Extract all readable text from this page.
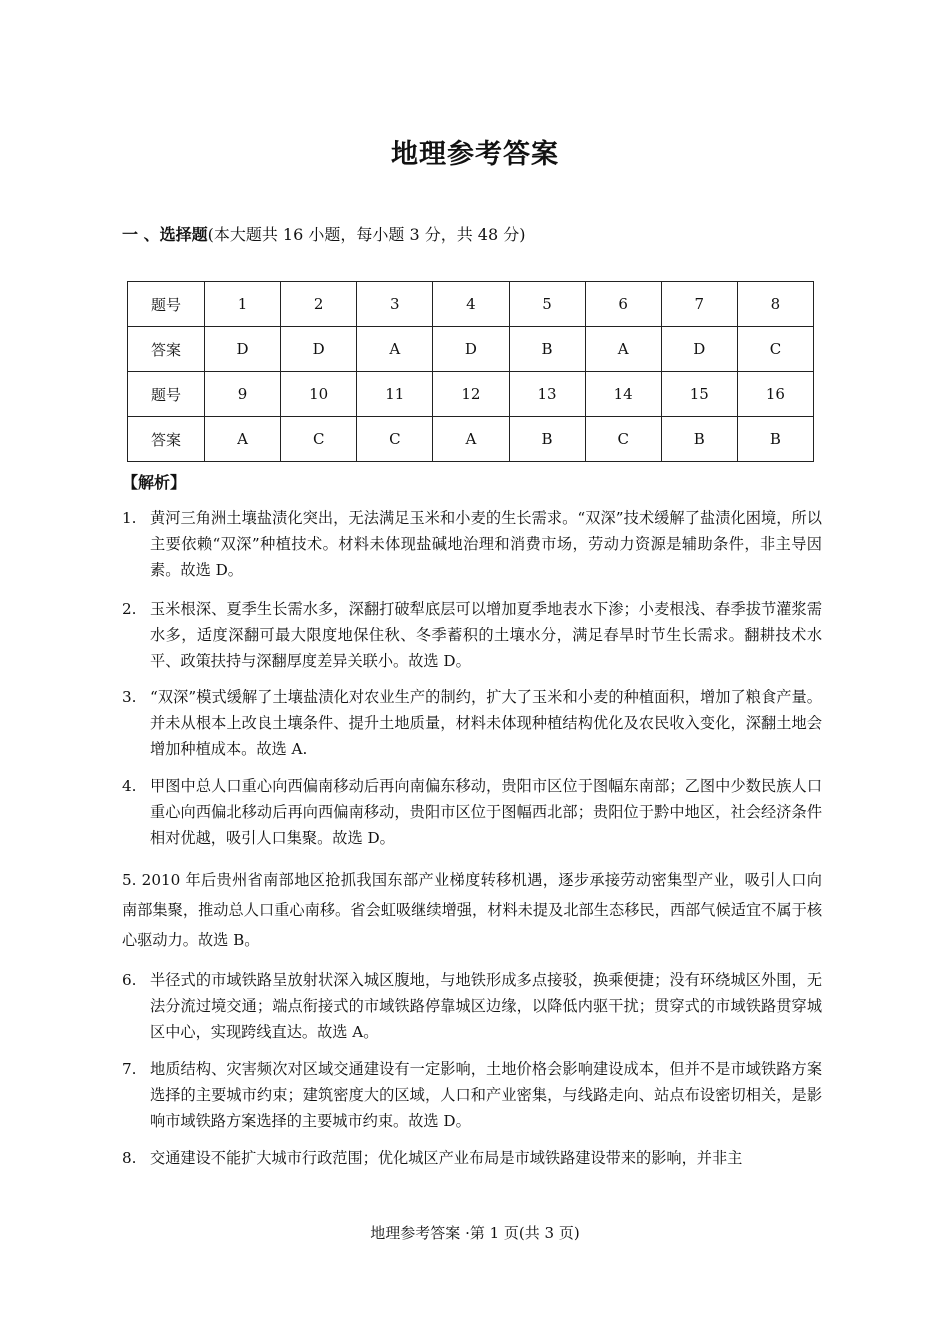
地理参考答案
一 、选择题(本大题共 16 小题，每小题 3 分，共 48 分)
题号	1	2	3	4	5	6	7	8
答案	D	D	A	D	B	A	D	C
题号	9	10	11	12	13	14	15	16
答案	A	C	C	A	B	C	B	B
【解析】
1. 黄河三角洲土壤盐渍化突出，无法满足玉米和小麦的生长需求。“双深”技术缓解了盐渍化困境，所以主要依赖“双深”种植技术。材料未体现盐碱地治理和消费市场，劳动力资源是辅助条件，非主导因素。故选 D。
2. 玉米根深、夏季生长需水多，深翻打破犁底层可以增加夏季地表水下渗；小麦根浅、春季拔节灌浆需水多，适度深翻可最大限度地保住秋、冬季蓄积的土壤水分，满足春旱时节生长需求。翻耕技术水平、政策扶持与深翻厚度差异关联小。故选 D。
3. “双深”模式缓解了土壤盐渍化对农业生产的制约，扩大了玉米和小麦的种植面积，增加了粮食产量。并未从根本上改良土壤条件、提升土地质量，材料未体现种植结构优化及农民收入变化，深翻土地会增加种植成本。故选 A.
4. 甲图中总人口重心向西偏南移动后再向南偏东移动，贵阳市区位于图幅东南部；乙图中少数民族人口重心向西偏北移动后再向西偏南移动，贵阳市区位于图幅西北部；贵阳位于黔中地区，社会经济条件相对优越，吸引人口集聚。故选 D。
5. 2010 年后贵州省南部地区抢抓我国东部产业梯度转移机遇，逐步承接劳动密集型产业，吸引人口向南部集聚，推动总人口重心南移。省会虹吸继续增强，材料未提及北部生态移民，西部气候适宜不属于核心驱动力。故选 B。
6. 半径式的市域铁路呈放射状深入城区腹地，与地铁形成多点接驳，换乘便捷；没有环绕城区外围，无法分流过境交通；端点衔接式的市域铁路停靠城区边缘，以降低内驱干扰；贯穿式的市域铁路贯穿城区中心，实现跨线直达。故选 A。
7. 地质结构、灾害频次对区域交通建设有一定影响，土地价格会影响建设成本，但并不是市域铁路方案选择的主要城市约束；建筑密度大的区域，人口和产业密集，与线路走向、站点布设密切相关，是影响市域铁路方案选择的主要城市约束。故选 D。
8. 交通建设不能扩大城市行政范围；优化城区产业布局是市域铁路建设带来的影响，并非主
地理参考答案 ·第 1 页(共 3 页)
